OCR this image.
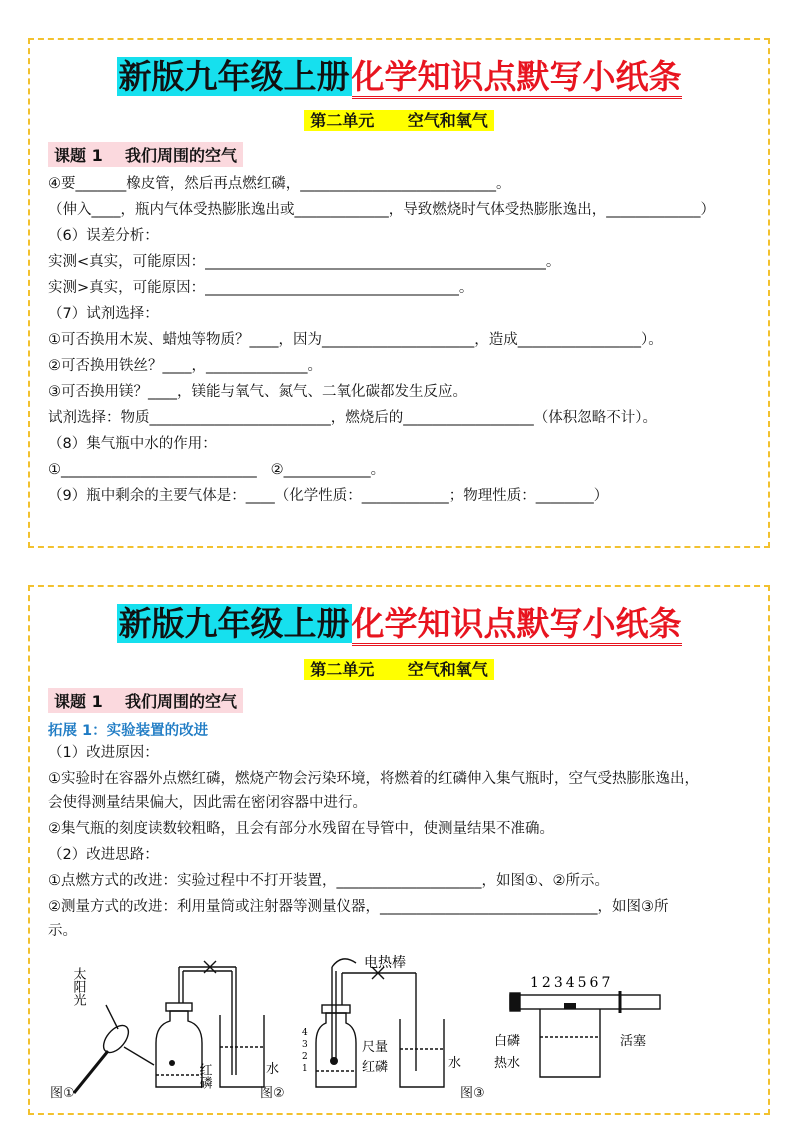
新版九年级上册化学知识点默写小纸条
第二单元      空气和氧气
课题 1    我们周围的空气
④要_______橡皮管，然后再点燃红磷，___________________________。
（伸入____，瓶内气体受热膨胀逸出或_____________，导致燃烧时气体受热膨胀逸出，_____________）
（6）误差分析：
实测<真实，可能原因：_______________________________________________。
实测>真实，可能原因：___________________________________。
（7）试剂选择：
①可否换用木炭、蜡烛等物质？____，因为_____________________，造成_________________）。
②可否换用铁丝？____，______________。
③可否换用镁？____，镁能与氧气、氮气、二氧化碳都发生反应。
试剂选择：物质_________________________，燃烧后的__________________（体积忽略不计）。
（8）集气瓶中水的作用：
①___________________________   ②____________。
（9）瓶中剩余的主要气体是：____（化学性质：____________；物理性质：________）
新版九年级上册化学知识点默写小纸条
第二单元      空气和氧气
课题 1    我们周围的空气
拓展 1：实验装置的改进
（1）改进原因：
①实验时在容器外点燃红磷，燃烧产物会污染环境，将燃着的红磷伸入集气瓶时，空气受热膨胀逸出，
会使得测量结果偏大，因此需在密闭容器中进行。
②集气瓶的刻度读数较粗略，且会有部分水残留在导管中，使测量结果不准确。
（2）改进思路：
①点燃方式的改进：实验过程中不打开装置，____________________，如图①、②所示。
②测量方式的改进：利用量筒或注射器等测量仪器，______________________________，如图③所
示。
太阳光
红磷	水
图①
4
3
2
1
电热棒
尺量
红磷	水
图②
1234567
白磷
热水
活塞
图③
